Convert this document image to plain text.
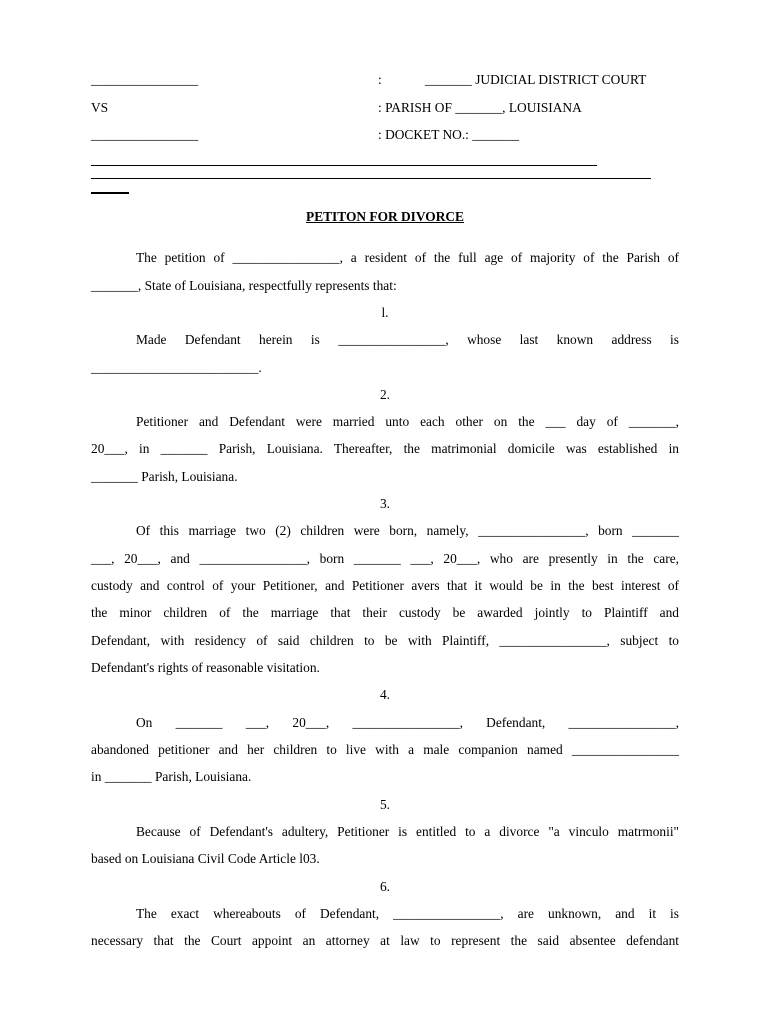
________________	:	_______ JUDICIAL DISTRICT COURT
VS	: PARISH OF _______, LOUISIANA
________________	: DOCKET NO.: _______
PETITON FOR DIVORCE
The petition of ________________, a resident of the full age of majority of the Parish of
_______, State of Louisiana, respectfully represents that:
l.
Made Defendant herein is ________________, whose last known address is
_________________________.
2.
Petitioner and Defendant were married unto each other on the ___ day of _______,
20___, in _______ Parish, Louisiana. Thereafter, the matrimonial domicile was established in
_______ Parish, Louisiana.
3.
Of this marriage two (2) children were born, namely, ________________, born _______
___, 20___, and ________________, born _______ ___, 20___, who are presently in the care,
custody and control of your Petitioner, and Petitioner avers that it would be in the best interest of
the minor children of the marriage that their custody be awarded jointly to Plaintiff and
Defendant, with residency of said children to be with Plaintiff, ________________, subject to
Defendant's rights of reasonable visitation.
4.
On _______ ___, 20___, ________________, Defendant, ________________,
abandoned petitioner and her children to live with a male companion named ________________
in _______ Parish, Louisiana.
5.
Because of Defendant's adultery, Petitioner is entitled to a divorce "a vinculo matrmonii"
based on Louisiana Civil Code Article l03.
6.
The exact whereabouts of Defendant, ________________, are unknown, and it is
necessary that the Court appoint an attorney at law to represent the said absentee defendant
